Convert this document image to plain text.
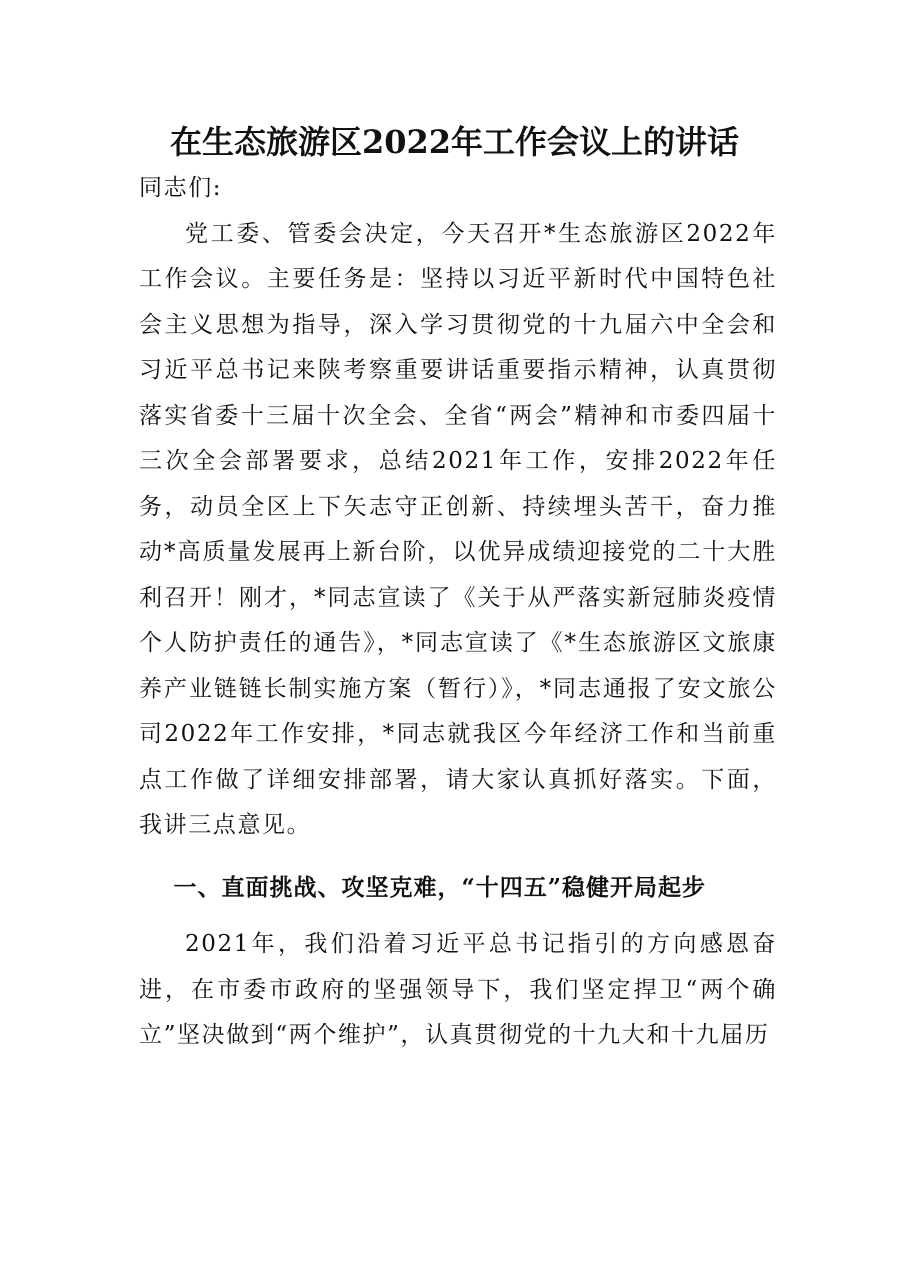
在生态旅游区2022年工作会议上的讲话

同志们:

党工委、管委会决定，今天召开*生态旅游区2022年工作会议。主要任务是：坚持以习近平新时代中国特色社会主义思想为指导，深入学习贯彻党的十九届六中全会和习近平总书记来陕考察重要讲话重要指示精神，认真贯彻落实省委十三届十次全会、全省“两会”精神和市委四届十三次全会部署要求，总结2021年工作，安排2022年任务，动员全区上下矢志守正创新、持续埋头苦干，奋力推动*高质量发展再上新台阶，以优异成绩迎接党的二十大胜利召开！刚才，*同志宣读了《关于从严落实新冠肺炎疫情个人防护责任的通告》，*同志宣读了《*生态旅游区文旅康养产业链链长制实施方案（暂行）》，*同志通报了安文旅公司2022年工作安排，*同志就我区今年经济工作和当前重点工作做了详细安排部署，请大家认真抓好落实。下面，我讲三点意见。

一、直面挑战、攻坚克难，“十四五”稳健开局起步

2021年，我们沿着习近平总书记指引的方向感恩奋进，在市委市政府的坚强领导下，我们坚定捍卫“两个确立”坚决做到“两个维护”，认真贯彻党的十九大和十九届历
